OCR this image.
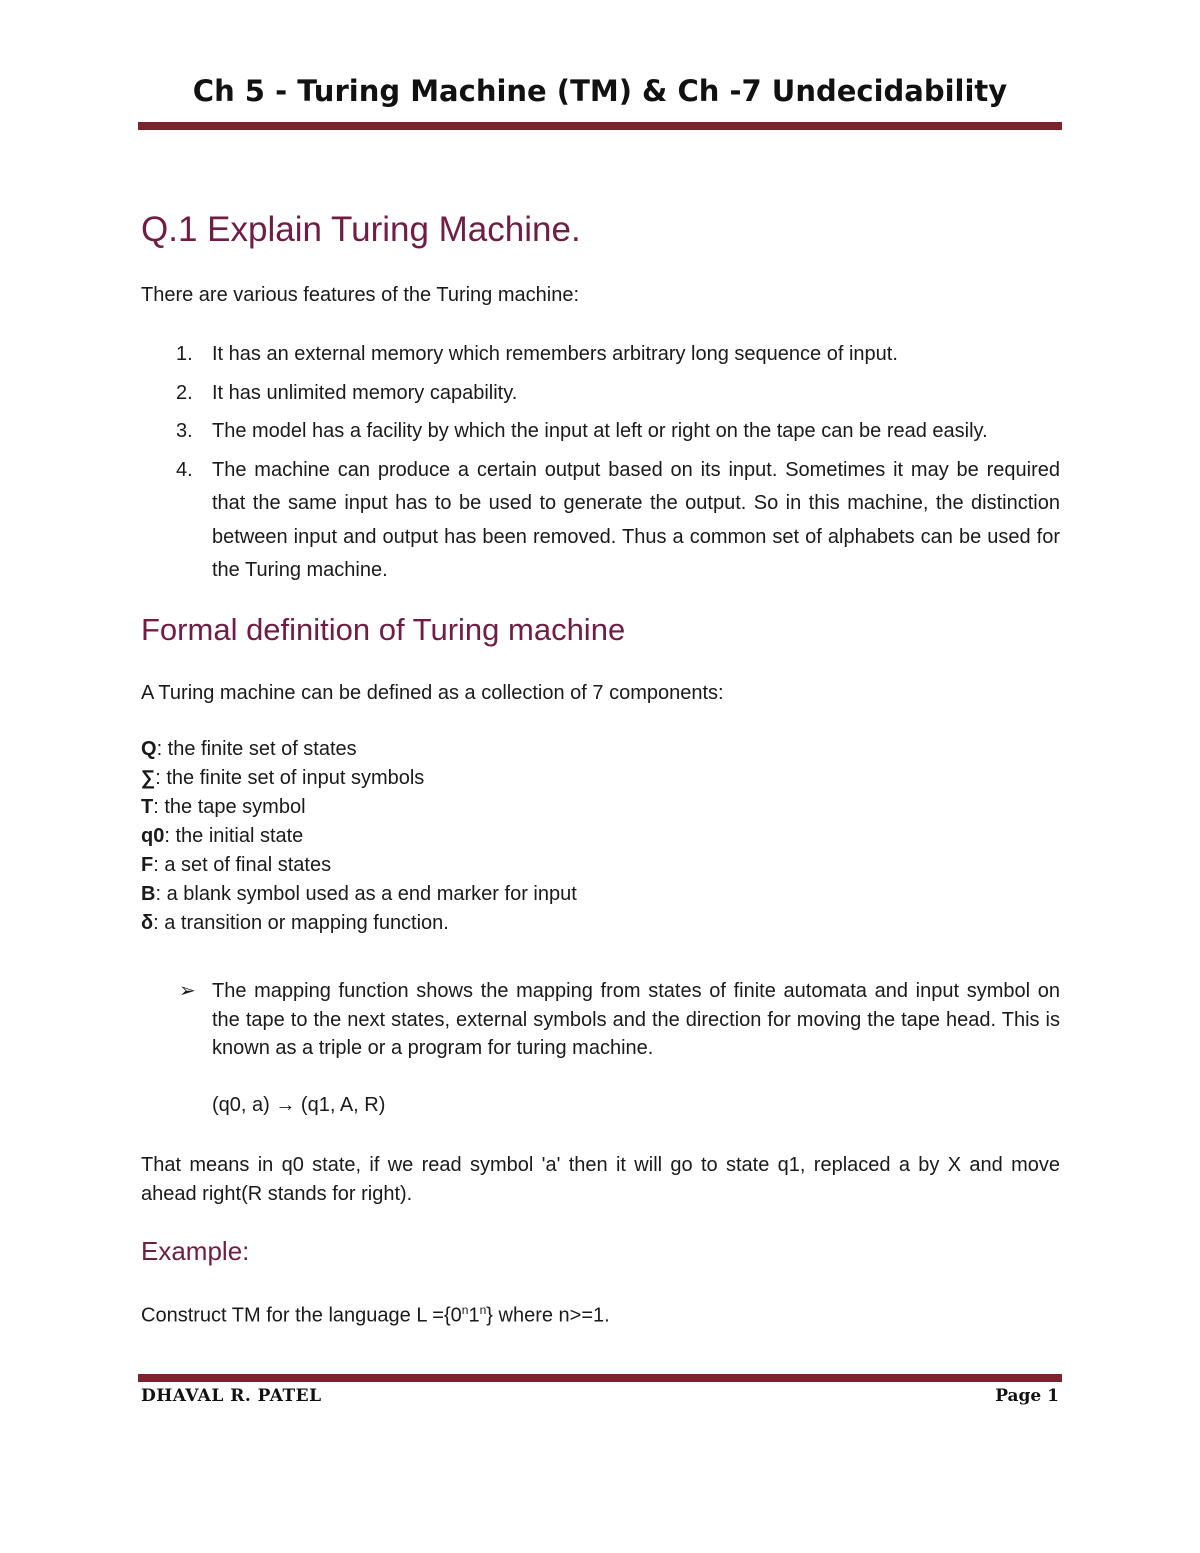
Ch 5 - Turing Machine (TM) & Ch -7 Undecidability
Q.1 Explain Turing Machine.
There are various features of the Turing machine:
1. It has an external memory which remembers arbitrary long sequence of input.
2. It has unlimited memory capability.
3. The model has a facility by which the input at left or right on the tape can be read easily.
4. The machine can produce a certain output based on its input. Sometimes it may be required that the same input has to be used to generate the output. So in this machine, the distinction between input and output has been removed. Thus a common set of alphabets can be used for the Turing machine.
Formal definition of Turing machine
A Turing machine can be defined as a collection of 7 components:
Q: the finite set of states
∑: the finite set of input symbols
T: the tape symbol
q0: the initial state
F: a set of final states
B: a blank symbol used as a end marker for input
δ: a transition or mapping function.
➢ The mapping function shows the mapping from states of finite automata and input symbol on the tape to the next states, external symbols and the direction for moving the tape head. This is known as a triple or a program for turing machine.
(q0, a) → (q1, A, R)
That means in q0 state, if we read symbol 'a' then it will go to state q1, replaced a by X and move ahead right(R stands for right).
Example:
Construct TM for the language $L =\{0^n1^n\}$ where n>=1.
DHAVAL R. PATEL	Page 1
